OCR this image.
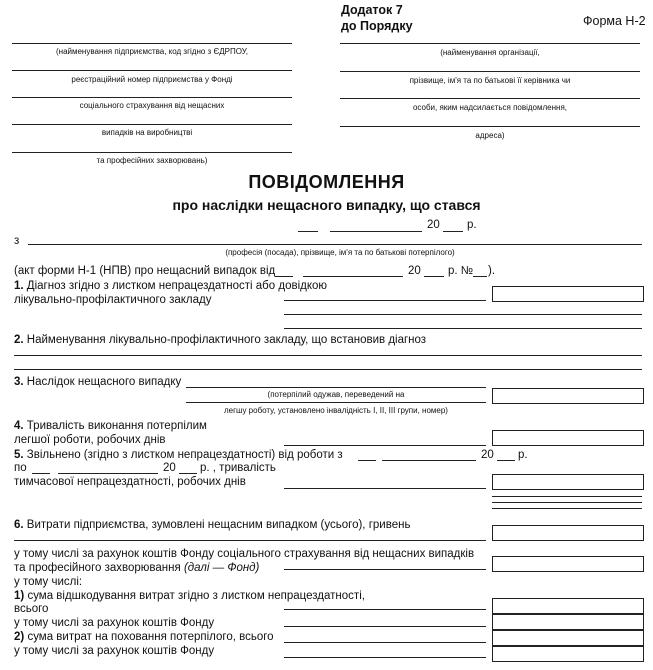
Додаток 7
до Порядку	Форма Н-2
(найменування підприємства, код згідно з ЄДРПОУ,
реєстраційний номер підприємства у Фонді
соціального страхування від нещасних
випадків на виробництві
та професійних захворювань)
(найменування організації,
прізвище, ім'я та по батькові її керівника чи
особи, яким надсилається повідомлення,
адреса)
ПОВІДОМЛЕННЯ
про наслідки нещасного випадку, що стався
20 р.
з
(професія (посада), прізвище, ім'я та по батькові потерпілого)
(акт форми Н-1 (НПВ) про нещасний випадок від	20 р. № ).
1. Діагноз згідно з листком непрацездатності або довідкою
лікувально-профілактичного закладу
2. Найменування лікувально-профілактичного закладу, що встановив діагноз
3. Наслідок нещасного випадку
(потерпілий одужав, переведений на
легшу роботу, установлено інвалідність I, II, III групи, номер)
4. Тривалість виконання потерпілим
легшої роботи, робочих днів
5. Звільнено (згідно з листком непрацездатності) від роботи з	20 р.
по	20 р. , тривалість
тимчасової непрацездатності, робочих днів
6. Витрати підприємства, зумовлені нещасним випадком (усього), гривень
у тому числі за рахунок коштів Фонду соціального страхування від нещасних випадків
та професійного захворювання (далі — Фонд)
у тому числі:
1) сума відшкодування витрат згідно з листком непрацездатності,
всього
у тому числі за рахунок коштів Фонду
2) сума витрат на поховання потерпілого, всього
у тому числі за рахунок коштів Фонду
